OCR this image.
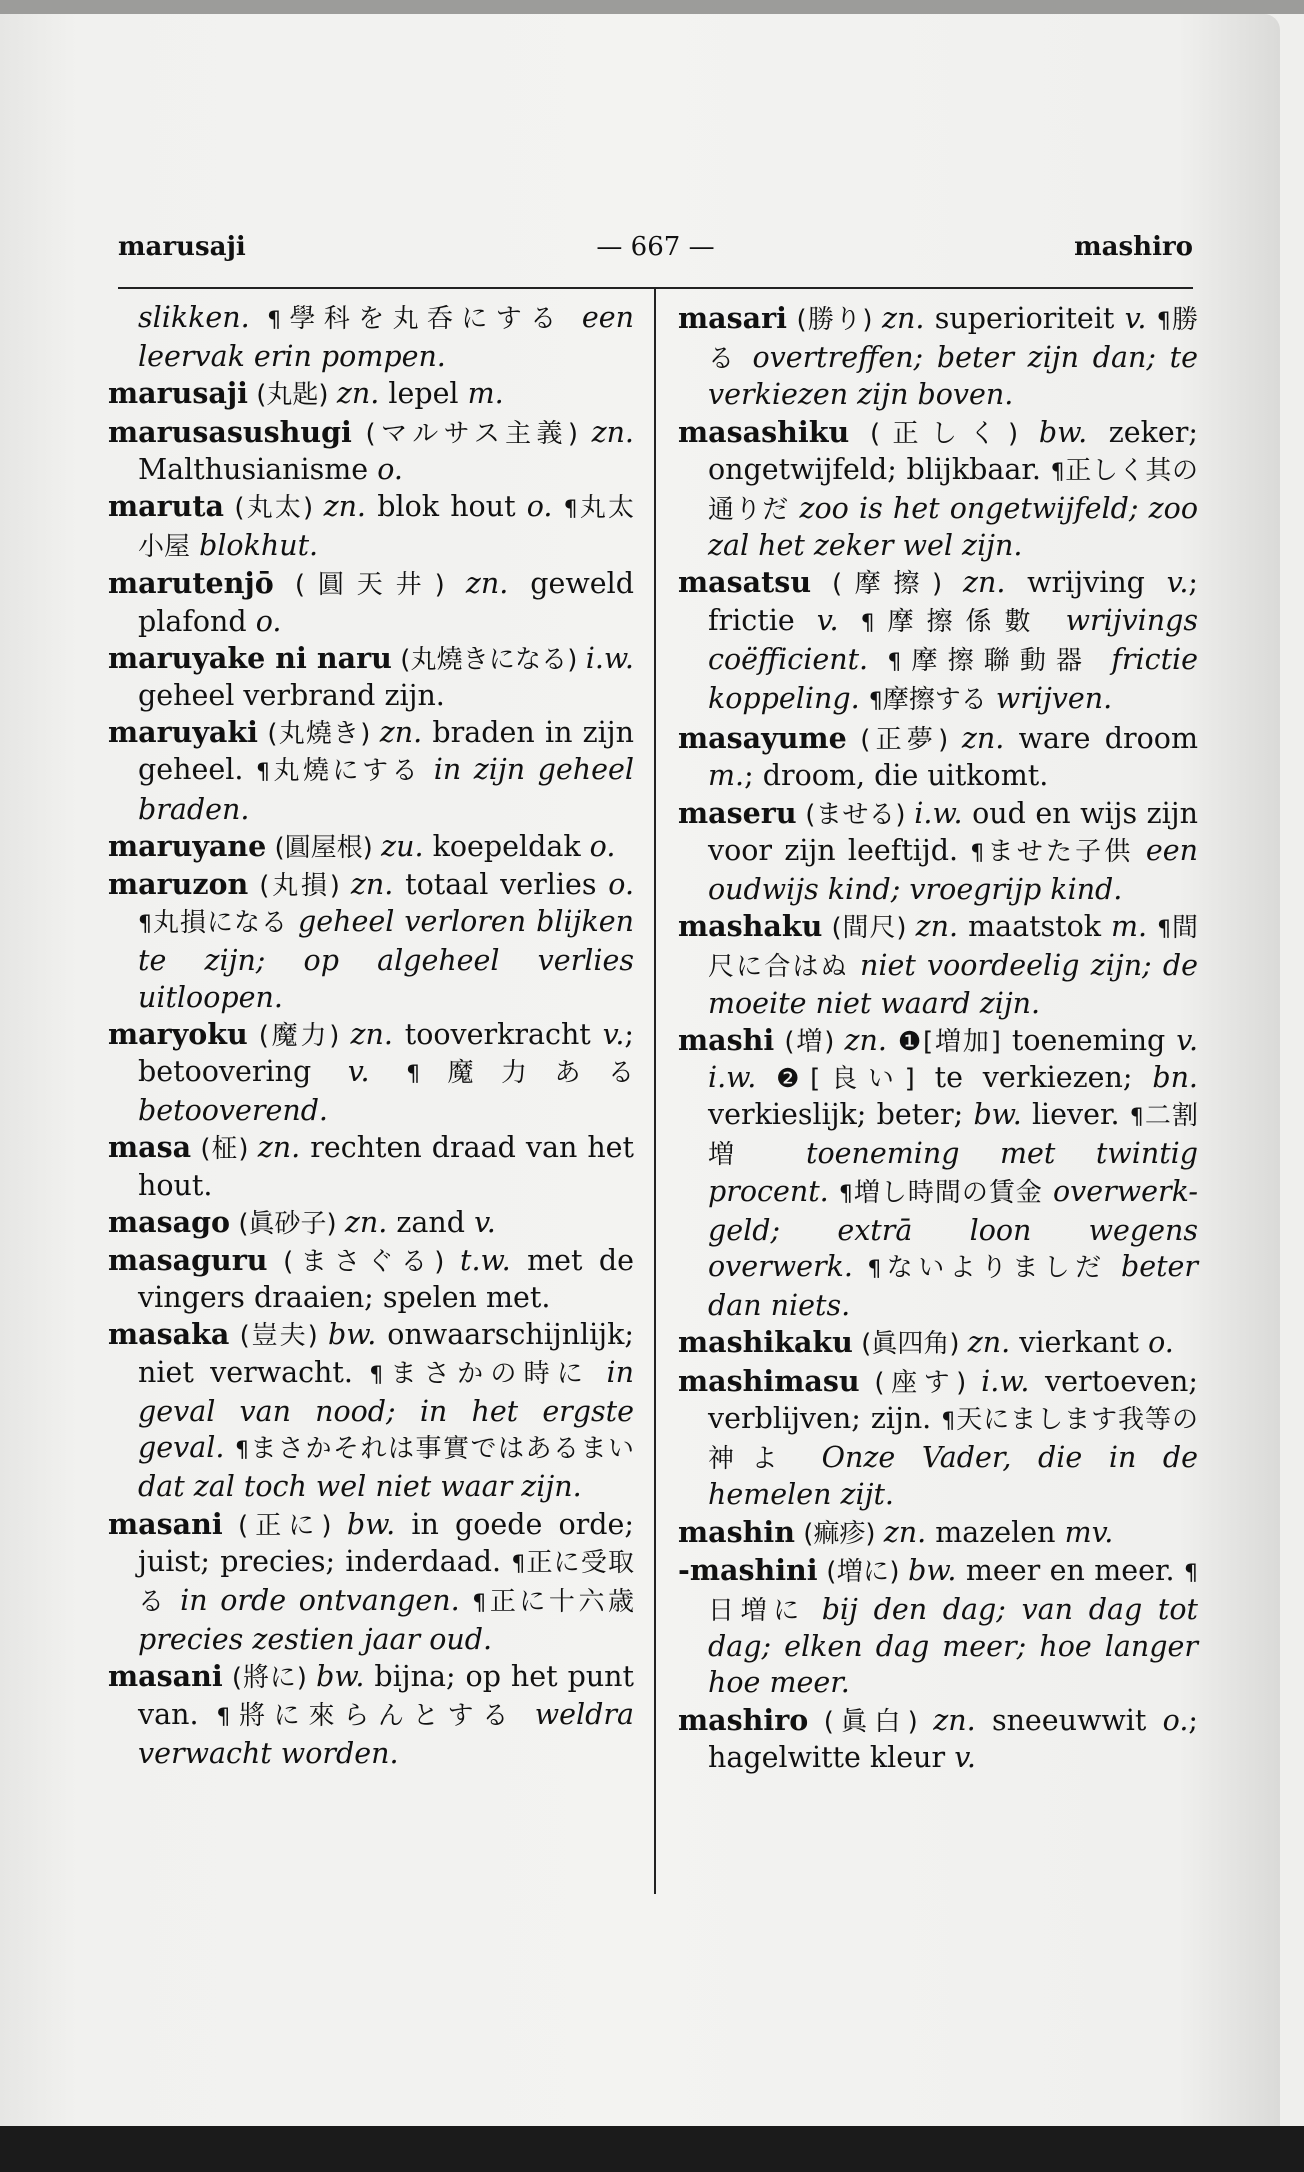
marusaji	— 667 —	mashiro

slikken. ¶學科を丸呑にする een leervak erin pompen.

marusaji (丸匙) zn. lepel m.

marusasushugi (マルサス主義) zn. Malthusianisme o.

maruta (丸太) zn. blok hout o. ¶丸太小屋 blokhut.

marutenjō (圓天井) zn. geweld plafond o.

maruyake ni naru (丸燒きになる) i.w. geheel verbrand zijn.

maruyaki (丸燒き) zn. braden in zijn geheel. ¶丸燒にする in zijn geheel braden.

maruyane (圓屋根) zu. koepeldak o.

maruzon (丸損) zn. totaal verlies o. ¶丸損になる geheel verloren blijken te zijn; op algeheel verlies uitloopen.

maryoku (魔力) zn. tooverkracht v.; betoovering v. ¶魔力ある betooverend.

masa (柾) zn. rechten draad van het hout.

masago (眞砂子) zn. zand v.

masaguru (まさぐる) t.w. met de vingers draaien; spelen met.

masaka (豈夫) bw. onwaarschijnlijk; niet verwacht. ¶まさかの時に in geval van nood; in het ergste geval. ¶まさかそれは事實ではあるまい dat zal toch wel niet waar zijn.

masani (正に) bw. in goede orde; juist; precies; inderdaad. ¶正に受取る in orde ontvangen. ¶正に十六歳 precies zestien jaar oud.

masani (將に) bw. bijna; op het punt van. ¶將に來らんとする weldra verwacht worden.

masari (勝り) zn. superioriteit v. ¶勝る overtreffen; beter zijn dan; te verkiezen zijn boven.

masashiku (正しく) bw. zeker; ongetwijfeld; blijkbaar. ¶正しく其の通りだ zoo is het ongetwijfeld; zoo zal het zeker wel zijn.

masatsu (摩擦) zn. wrijving v.; frictie v. ¶摩擦係數 wrijvings coëfficient. ¶摩擦聯動器 frictie koppeling. ¶摩擦する wrijven.

masayume (正夢) zn. ware droom m.; droom, die uitkomt.

maseru (ませる) i.w. oud en wijs zijn voor zijn leeftijd. ¶ませた子供 een oudwijs kind; vroegrijp kind.

mashaku (間尺) zn. maatstok m. ¶間尺に合はぬ niet voordeelig zijn; de moeite niet waard zijn.

mashi (増) zn. ❶[増加] toeneming v. i.w. ❷[良い] te verkiezen; bn. verkieslijk; beter; bw. liever. ¶二割増 toeneming met twintig procent. ¶増し時間の賃金 overwerk-geld; extrā loon wegens overwerk. ¶ないよりましだ beter dan niets.

mashikaku (眞四角) zn. vierkant o.

mashimasu (座す) i.w. vertoeven; verblijven; zijn. ¶天にまします我等の神よ Onze Vader, die in de hemelen zijt.

mashin (痲疹) zn. mazelen mv.

-mashini (増に) bw. meer en meer. ¶日増に bij den dag; van dag tot dag; elken dag meer; hoe langer hoe meer.

mashiro (眞白) zn. sneeuwwit o.; hagelwitte kleur v.
